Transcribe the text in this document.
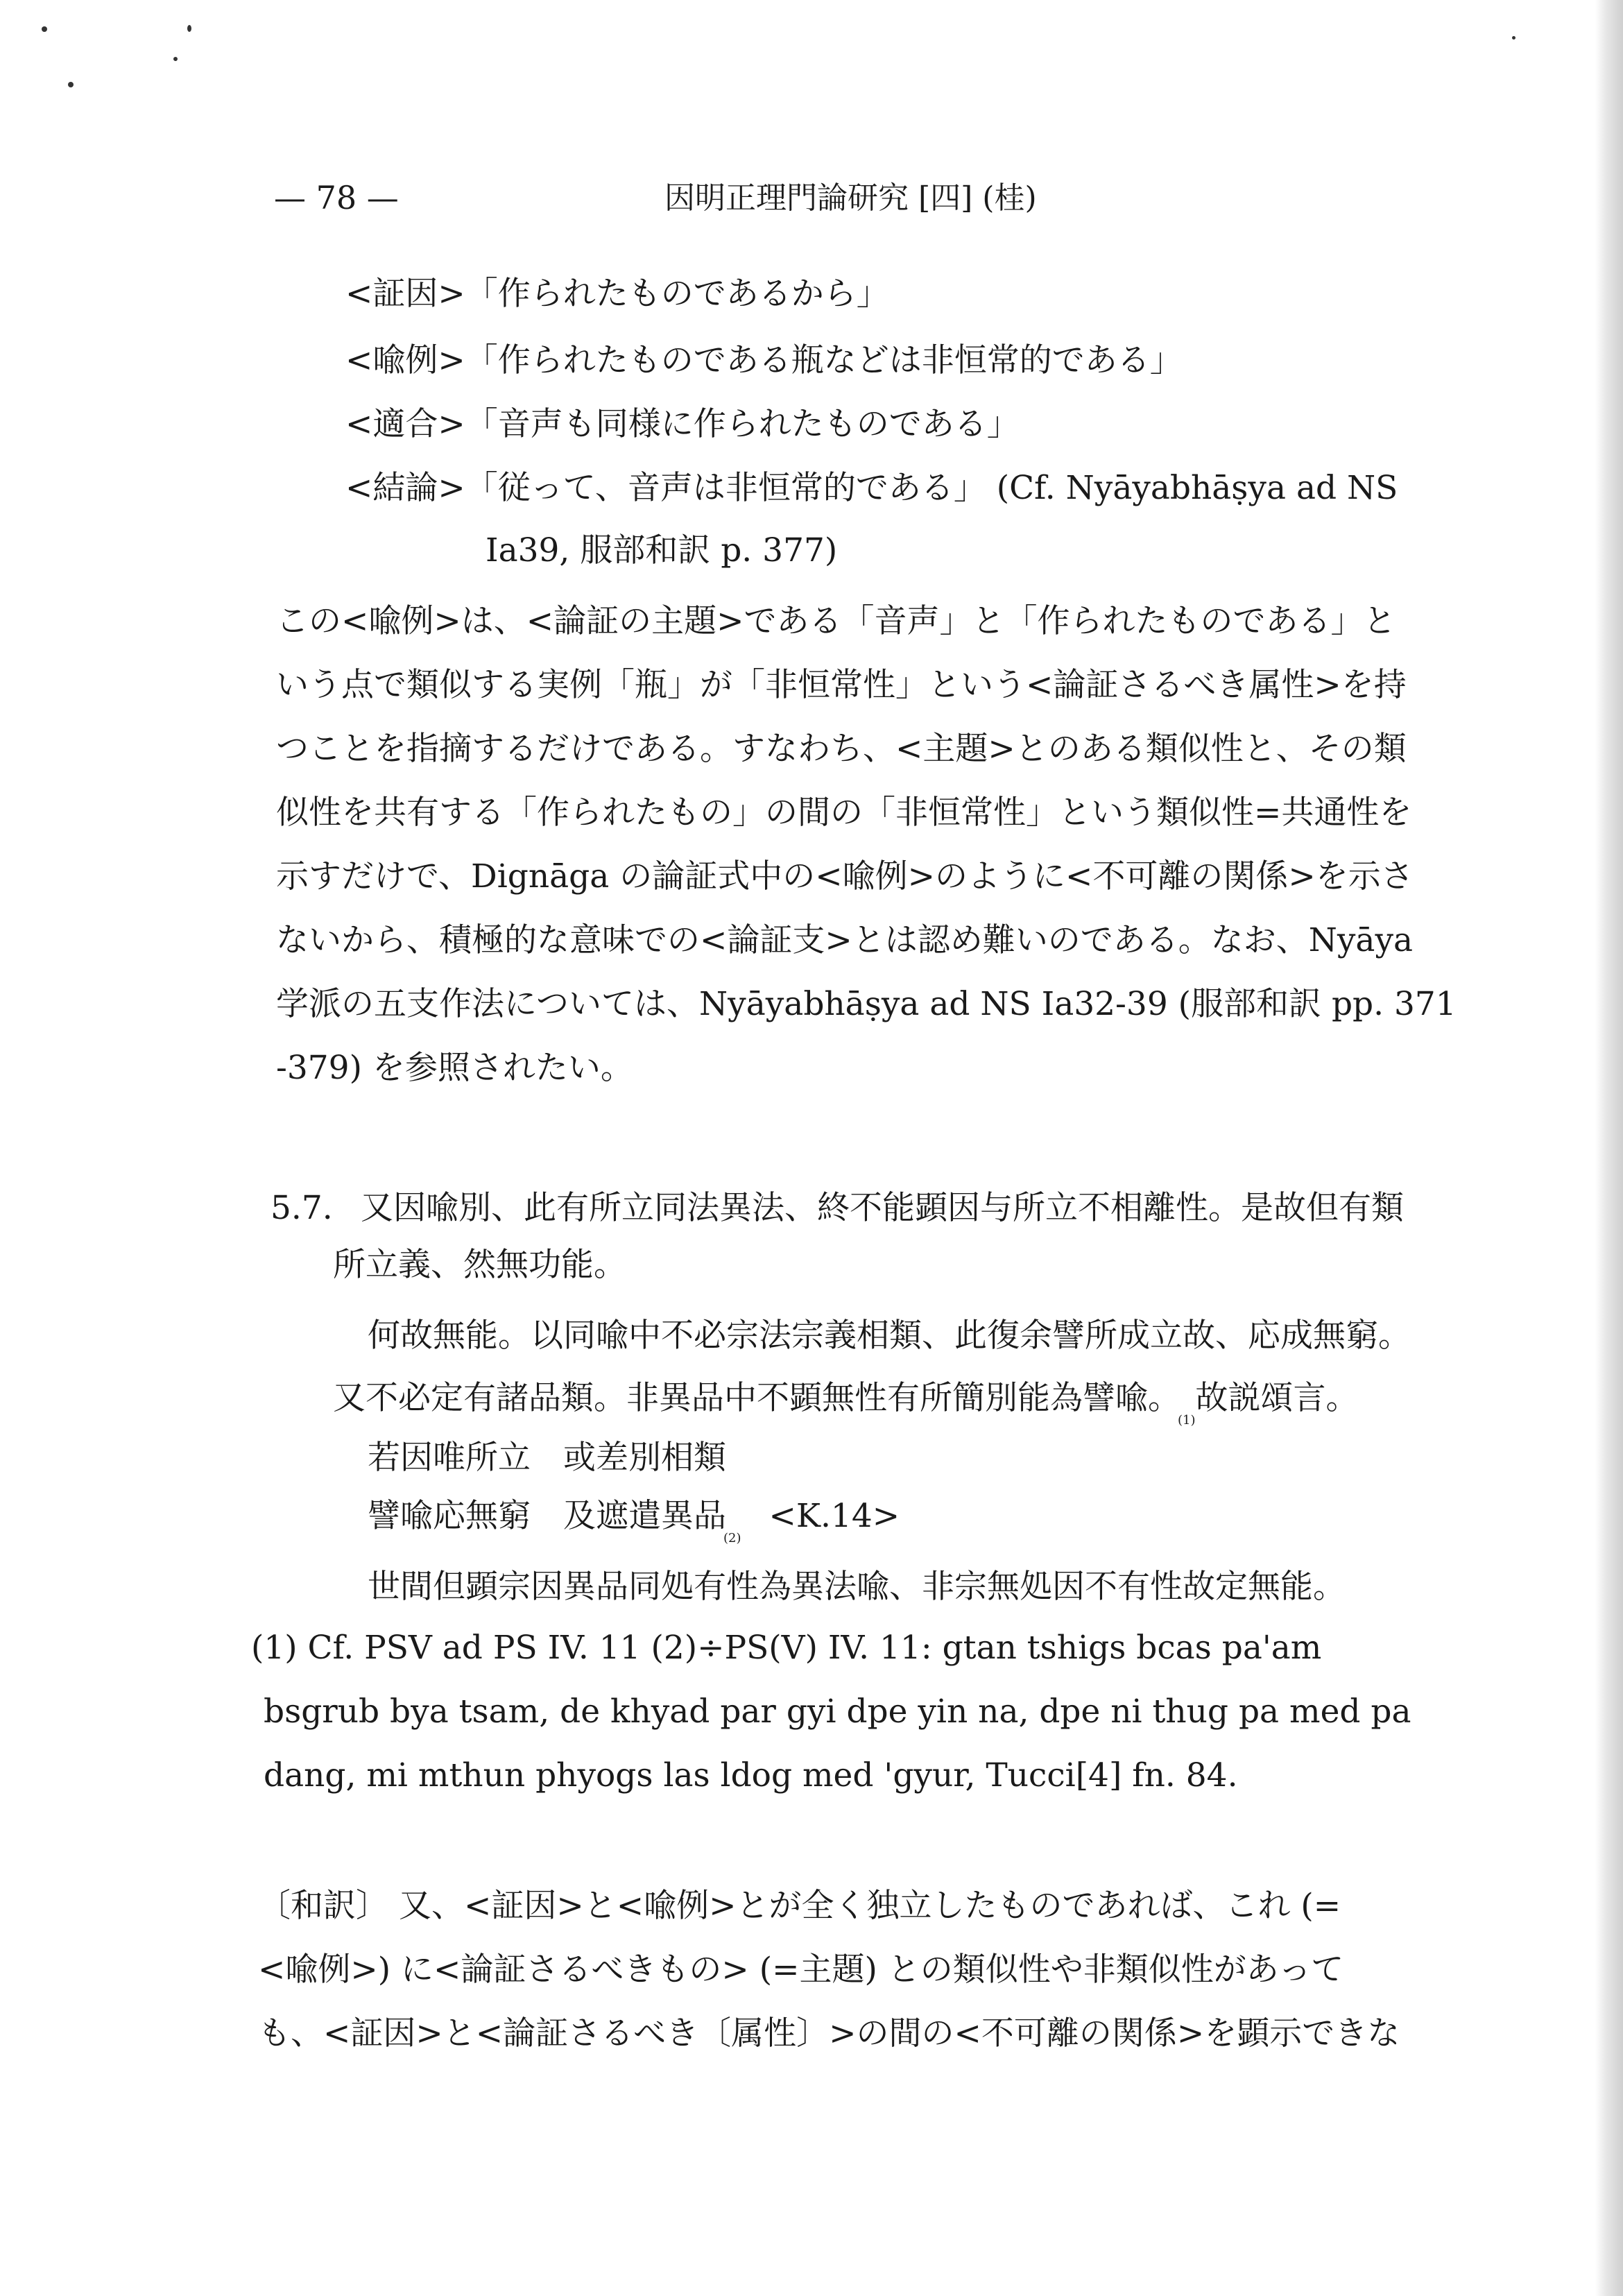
— 78 —	因明正理門論研究 [四] (桂)
<証因>「作られたものであるから」
<喩例>「作られたものである瓶などは非恒常的である」
<適合>「音声も同様に作られたものである」
<結論>「従って、音声は非恒常的である」 (Cf. Nyāyabhāṣya ad NS
Ia39, 服部和訳 p. 377)
この<喩例>は、<論証の主題>である「音声」と「作られたものである」と
いう点で類似する実例「瓶」が「非恒常性」という<論証さるべき属性>を持
つことを指摘するだけである。すなわち、<主題>とのある類似性と、その類
似性を共有する「作られたもの」の間の「非恒常性」という類似性=共通性を
示すだけで、Dignāga の論証式中の<喩例>のように<不可離の関係>を示さ
ないから、積極的な意味での<論証支>とは認め難いのである。なお、Nyāya
学派の五支作法については、Nyāyabhāṣya ad NS Ia32-39 (服部和訳 pp. 371
-379) を参照されたい。
5.7. 又因喩別、此有所立同法異法、終不能顕因与所立不相離性。是故但有類
所立義、然無功能。
何故無能。以同喩中不必宗法宗義相類、此復余譬所成立故、応成無窮。
又不必定有諸品類。非異品中不顕無性有所簡別能為譬喩。$_{(1)}$故説頌言。
若因唯所立　或差別相類
譬喩応無窮　及遮遣異品$_{(2)}$<K.14>
世間但顕宗因異品同処有性為異法喩、非宗無処因不有性故定無能。
(1) Cf. PSV ad PS IV. 11 (2)÷PS(V) IV. 11: gtan tshigs bcas pa'am
bsgrub bya tsam, de khyad par gyi dpe yin na, dpe ni thug pa med pa
dang, mi mthun phyogs las ldog med 'gyur, Tucci[4] fn. 84.
〔和訳〕 又、<証因>と<喩例>とが全く独立したものであれば、これ (=
<喩例>) に<論証さるべきもの> (=主題) との類似性や非類似性があって
も、<証因>と<論証さるべき〔属性〕>の間の<不可離の関係>を顕示できな
